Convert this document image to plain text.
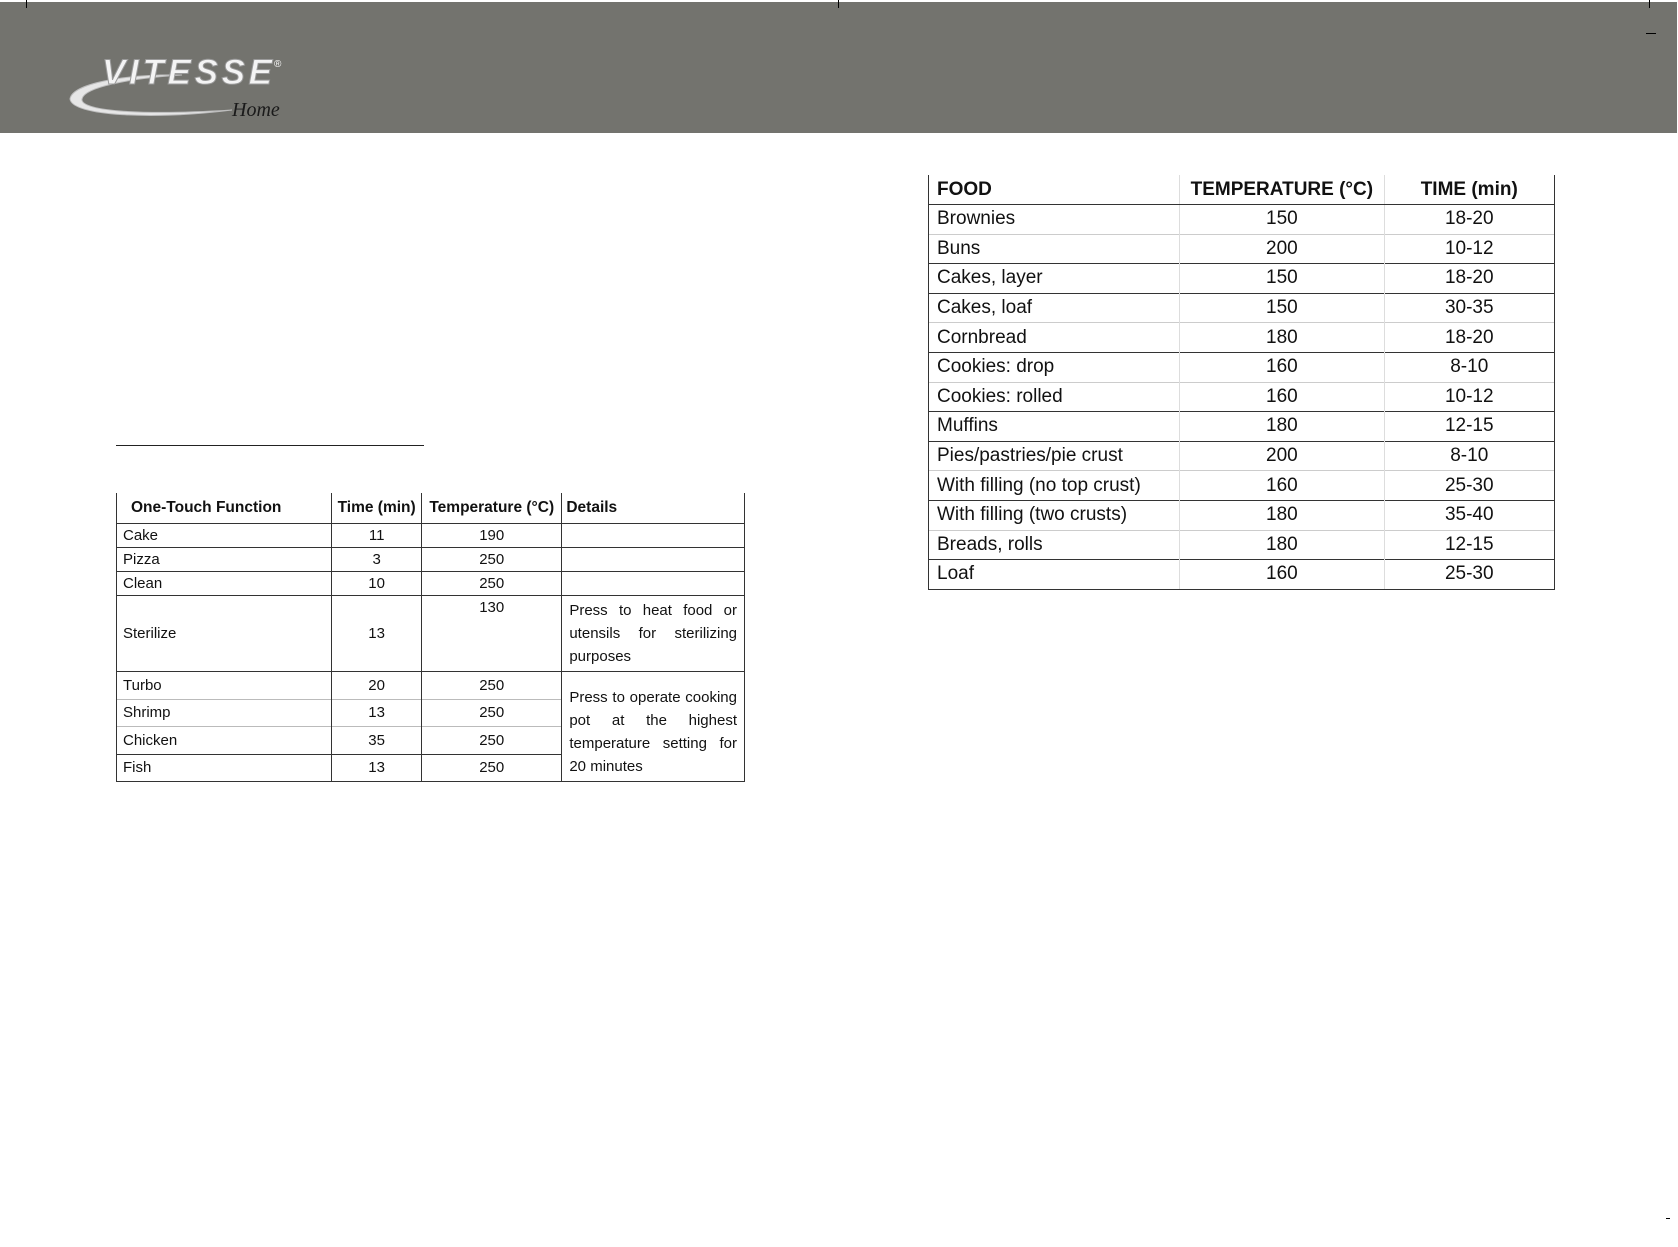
VITESSE ®
Home
One-Touch Function	Time (min)	Temperature (°C)	Details
Cake	11	190	
Pizza	3	250	
Clean	10	250	
Sterilize	13	130	Press to heat food or utensils for sterilizing purposes
Turbo	20	250	Press to operate cooking pot at the highest temperature setting for 20 minutes
Shrimp	13	250	
Chicken	35	250	
Fish	13	250	
FOOD	TEMPERATURE (°C)	TIME (min)
Brownies	150	18-20
Buns	200	10-12
Cakes, layer	150	18-20
Cakes, loaf	150	30-35
Cornbread	180	18-20
Cookies: drop	160	8-10
Cookies: rolled	160	10-12
Muffins	180	12-15
Pies/pastries/pie crust	200	8-10
With filling (no top crust)	160	25-30
With filling (two crusts)	180	35-40
Breads, rolls	180	12-15
Loaf	160	25-30
